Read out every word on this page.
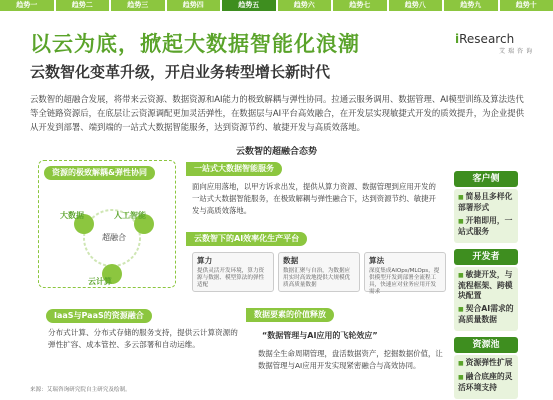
趋势一	趋势二	趋势三	趋势四	趋势五	趋势六	趋势七	趋势八	趋势九	趋势十
以云为底，掀起大数据智能化浪潮
云数智化变革升级，开启业务转型增长新时代
iResearch
艾瑞咨询
云数智的超融合发展，将带来云资源、数据资源和AI能力的极致解耦与弹性协同。拉通云服务调用、数据管理、AI模型训练及算法迭代等全链路资源后，在底层让云资源调配更加灵活弹性，在数据层与AI平台高效融合，在开发层实现敏捷式开发的质效提升，为企业提供从开发到部署、端到端的一站式大数据智能服务，达到资源节约、敏捷开发与高质效落地。
云数智的超融合态势
资源的极致解耦&弹性协同
大数据	人工智能
云计算
超融合
IaaS与PaaS的资源融合
分布式计算、分布式存储的服务支持，提供云计算资源的弹性扩容、成本管控、多云部署和自动运维。
一站式大数据智能服务
面向应用落地，以甲方诉求出发，提供从算力资源、数据管理到应用开发的一站式大数据智能服务，在极致解耦与弹性融合下，达到资源节约、敏捷开发与高质效落地。
云数智下的AI效率化生产平台
算力
提供灵活开发环境，算力资源与数据、模型算法的弹性适配
数据
数据汇聚与自治，为数据应用实时高效地提供大规模优质高质量数据
算法
深度集成AIOps/MLOps，提供模型开发到部署全流程工具，快速应对业务应用开发需求
数据要素的价值释放
“数据管理与AI应用的飞轮效应”
数据全生命周期管理，盘活数据资产，挖掘数据价值，让数据管理与AI应用开发实现紧密融合与高效协同。
客户侧
■ 简易且多样化部署形式
■ 开箱即用，一站式服务
开发者
■ 敏捷开发，与流程框架、跨模块配置
■ 契合AI需求的高质量数据
资源池
■ 资源弹性扩展
■ 融合底座的灵活环境支持
来源：艾瑞咨询研究院自主研究及绘制。
